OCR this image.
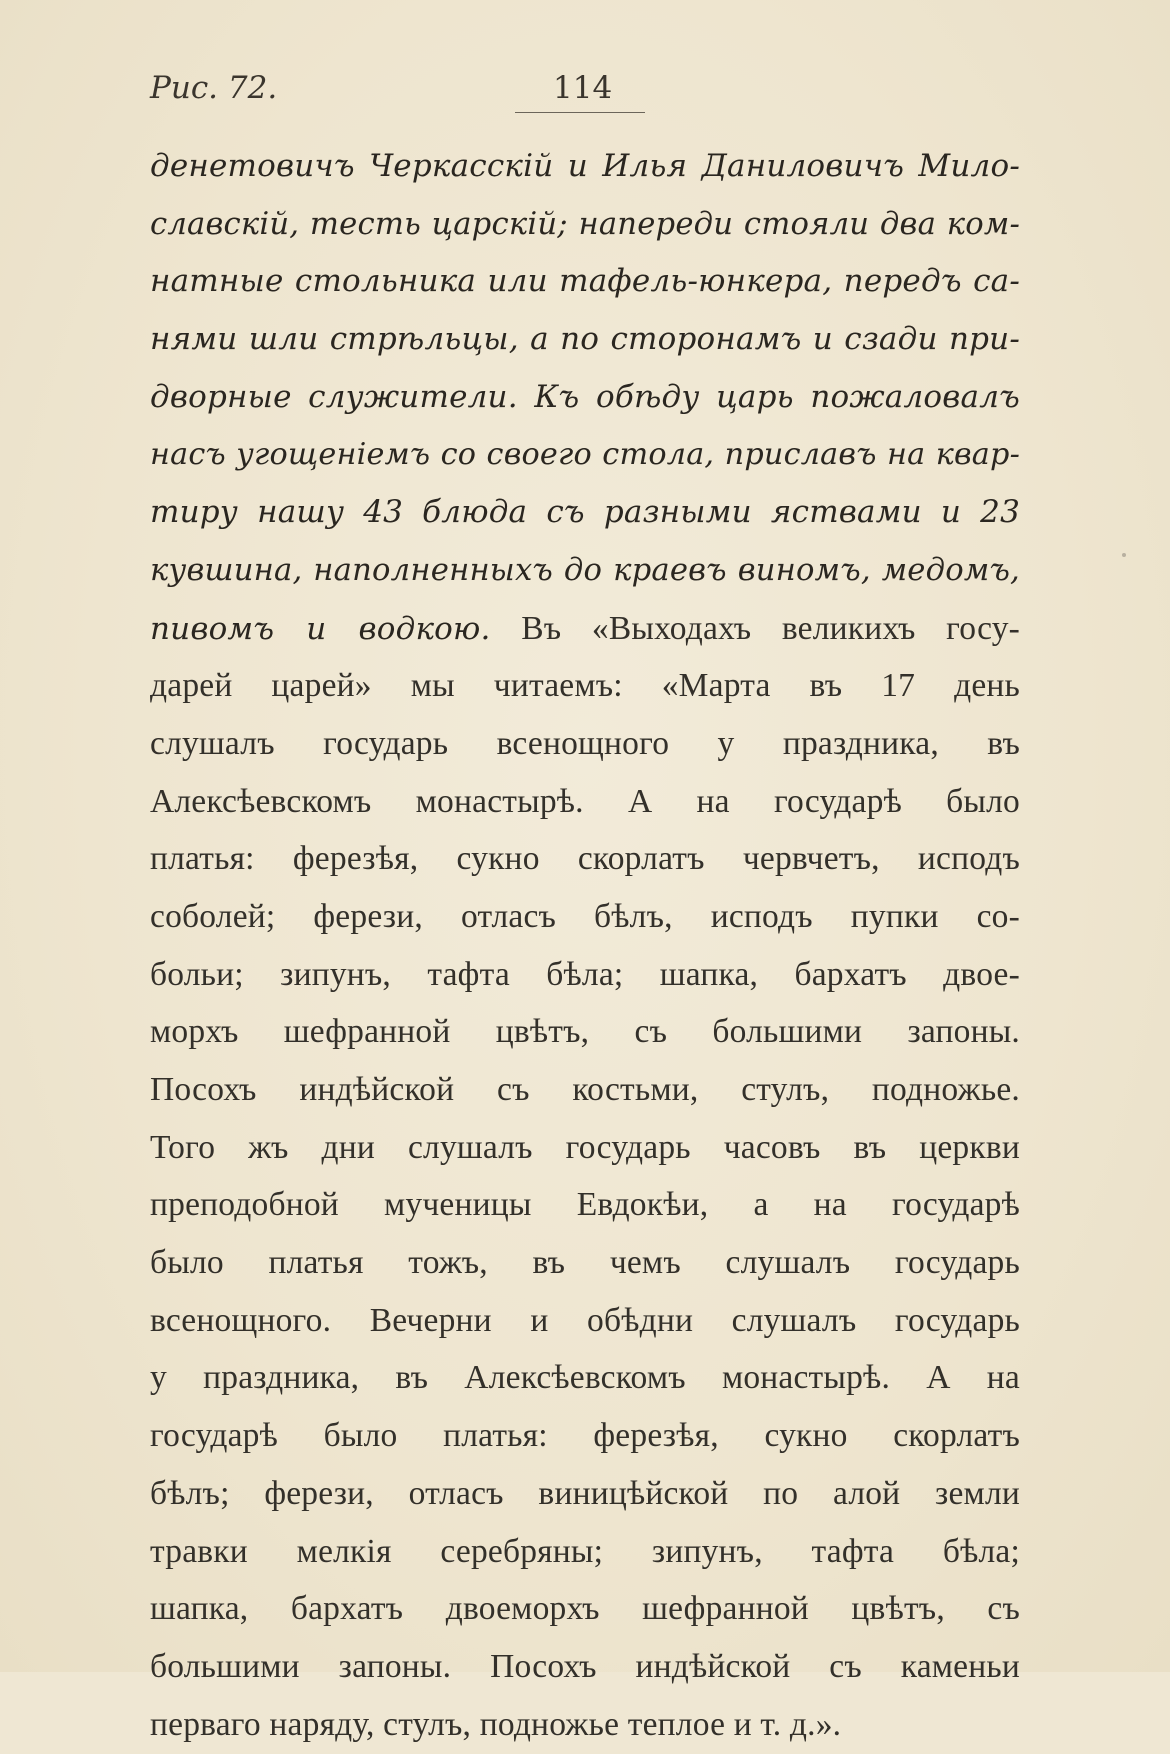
Рис. 72.	114
денетовичъ Черкасскій и Илья Даниловичъ Мило-
славскій, тесть царскій; напереди стояли два ком-
натные стольника или тафель-юнкера, передъ са-
нями шли стрѣльцы, а по сторонамъ и сзади при-
дворные служители. Къ обѣду царь пожаловалъ
насъ угощеніемъ со своего стола, приславъ на квар-
тиру нашу 43 блюда съ разными яствами и 23
кувшина, наполненныхъ до краевъ виномъ, медомъ,
пивомъ и водкою. Въ «Выходахъ великихъ госу-
дарей царей» мы читаемъ: «Марта въ 17 день
слушалъ государь всенощного у праздника, въ
Алексѣевскомъ монастырѣ. А на государѣ было
платья: ферезѣя, сукно скорлатъ червчетъ, исподъ
соболей; ферези, отласъ бѣлъ, исподъ пупки со-
больи; зипунъ, тафта бѣла; шапка, бархатъ двое-
морхъ шефранной цвѣтъ, съ большими запоны.
Посохъ индѣйской съ костьми, стулъ, подножье.
Того жъ дни слушалъ государь часовъ въ церкви
преподобной мученицы Евдокѣи, а на государѣ
было платья тожъ, въ чемъ слушалъ государь
всенощного. Вечерни и обѣдни слушалъ государь
у праздника, въ Алексѣевскомъ монастырѣ. А на
государѣ было платья: ферезѣя, сукно скорлатъ
бѣлъ; ферези, отласъ виницѣйской по алой земли
травки мелкія серебряны; зипунъ, тафта бѣла;
шапка, бархатъ двоеморхъ шефранной цвѣтъ, съ
большими запоны. Посохъ индѣйской съ каменьи
перваго наряду, стулъ, подножье теплое и т. д.».
